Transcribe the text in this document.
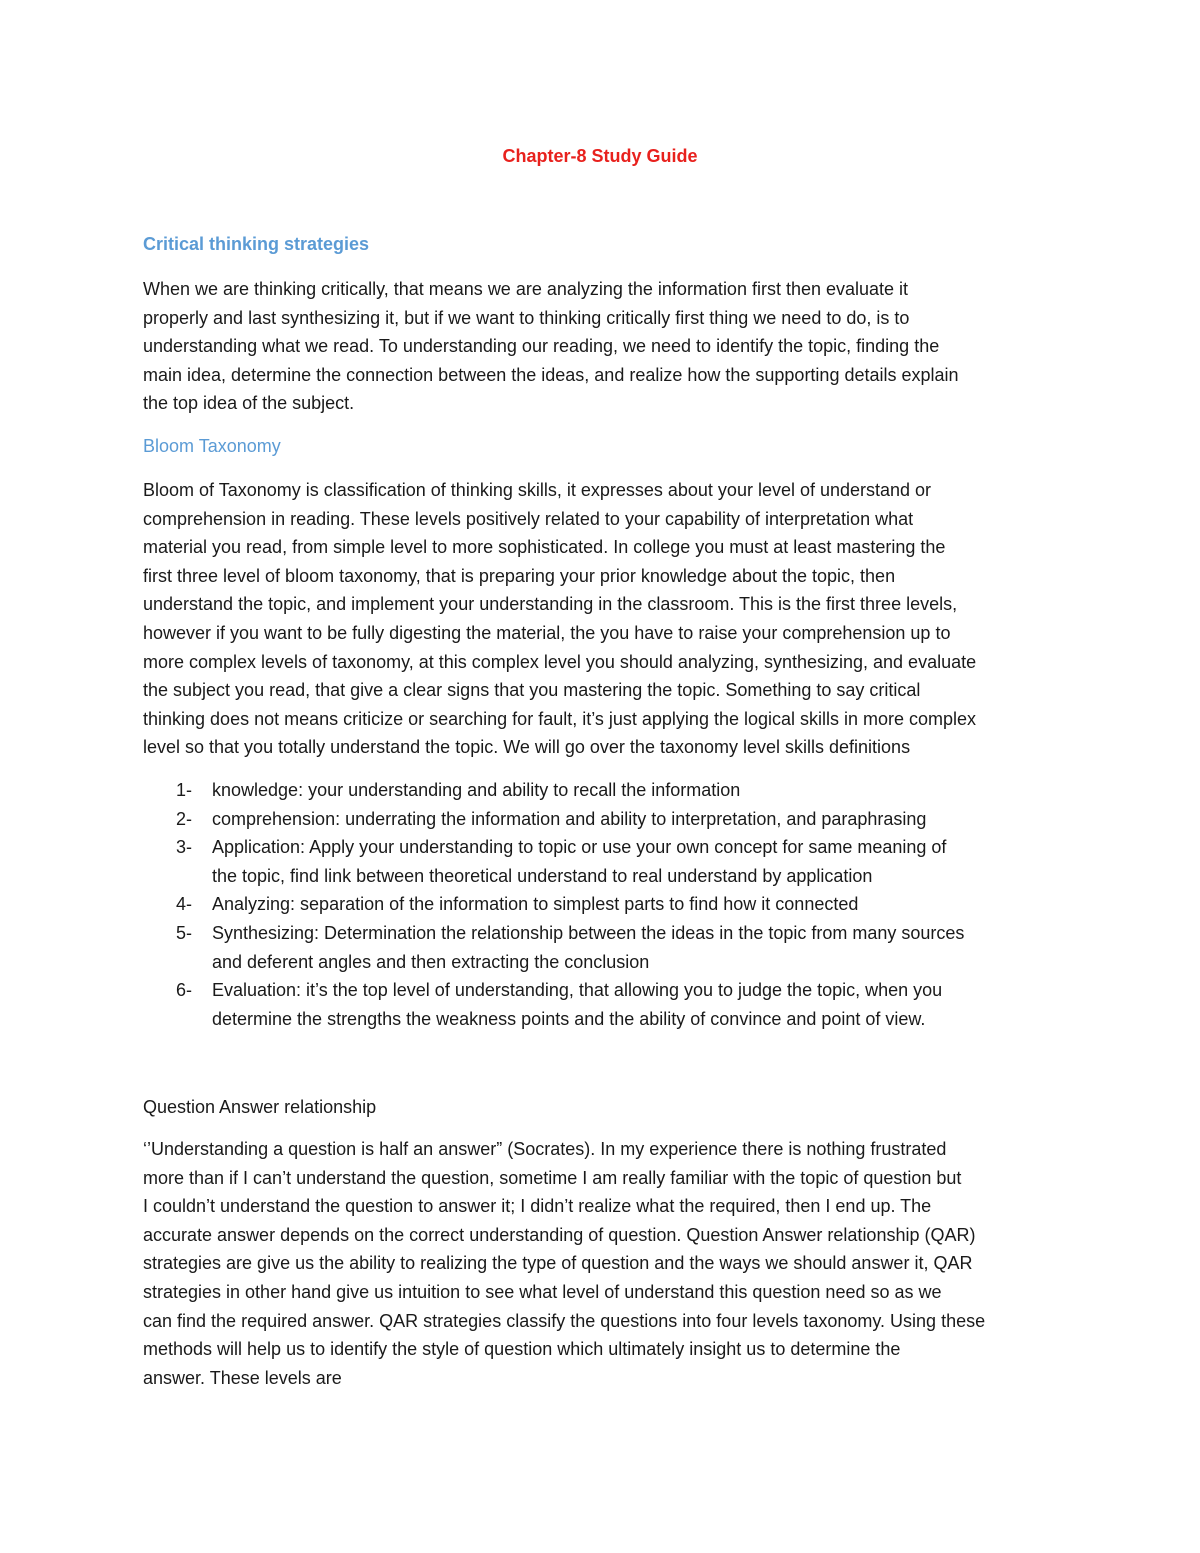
Chapter-8 Study Guide
Critical thinking strategies
When we are thinking critically, that means we are analyzing the information first then evaluate it
properly and last synthesizing it, but if we want to thinking critically first thing we need to do, is to
understanding what we read. To understanding our reading, we need to identify the topic, finding the
main idea, determine the connection between the ideas, and realize how the supporting details explain
the top idea of the subject.
Bloom Taxonomy
Bloom of Taxonomy is classification of thinking skills, it expresses about your level of understand or
comprehension in reading. These levels positively related to your capability of interpretation what
material you read, from simple level to more sophisticated. In college you must at least mastering the
first three level of bloom taxonomy, that is preparing your prior knowledge about the topic, then
understand the topic, and implement your understanding in the classroom. This is the first three levels,
however if you want to be fully digesting the material, the you have to raise your comprehension up to
more complex levels of taxonomy, at this complex level you should analyzing, synthesizing, and evaluate
the subject you read, that give a clear signs that you mastering the topic. Something to say critical
thinking does not means criticize or searching for fault, it’s just applying the logical skills in more complex
level so that you totally understand the topic. We will go over the taxonomy level skills definitions
1- knowledge: your understanding and ability to recall the information
2- comprehension: underrating the information and ability to interpretation, and paraphrasing
3- Application: Apply your understanding to topic or use your own concept for same meaning of
the topic, find link between theoretical understand to real understand by application
4- Analyzing: separation of the information to simplest parts to find how it connected
5- Synthesizing: Determination the relationship between the ideas in the topic from many sources
and deferent angles and then extracting the conclusion
6- Evaluation: it’s the top level of understanding, that allowing you to judge the topic, when you
determine the strengths the weakness points and the ability of convince and point of view.
Question Answer relationship
‘’Understanding a question is half an answer” (Socrates). In my experience there is nothing frustrated
more than if I can’t understand the question, sometime I am really familiar with the topic of question but
I couldn’t understand the question to answer it; I didn’t realize what the required, then I end up. The
accurate answer depends on the correct understanding of question. Question Answer relationship (QAR)
strategies are give us the ability to realizing the type of question and the ways we should answer it, QAR
strategies in other hand give us intuition to see what level of understand this question need so as we
can find the required answer. QAR strategies classify the questions into four levels taxonomy. Using these
methods will help us to identify the style of question which ultimately insight us to determine the
answer. These levels are
